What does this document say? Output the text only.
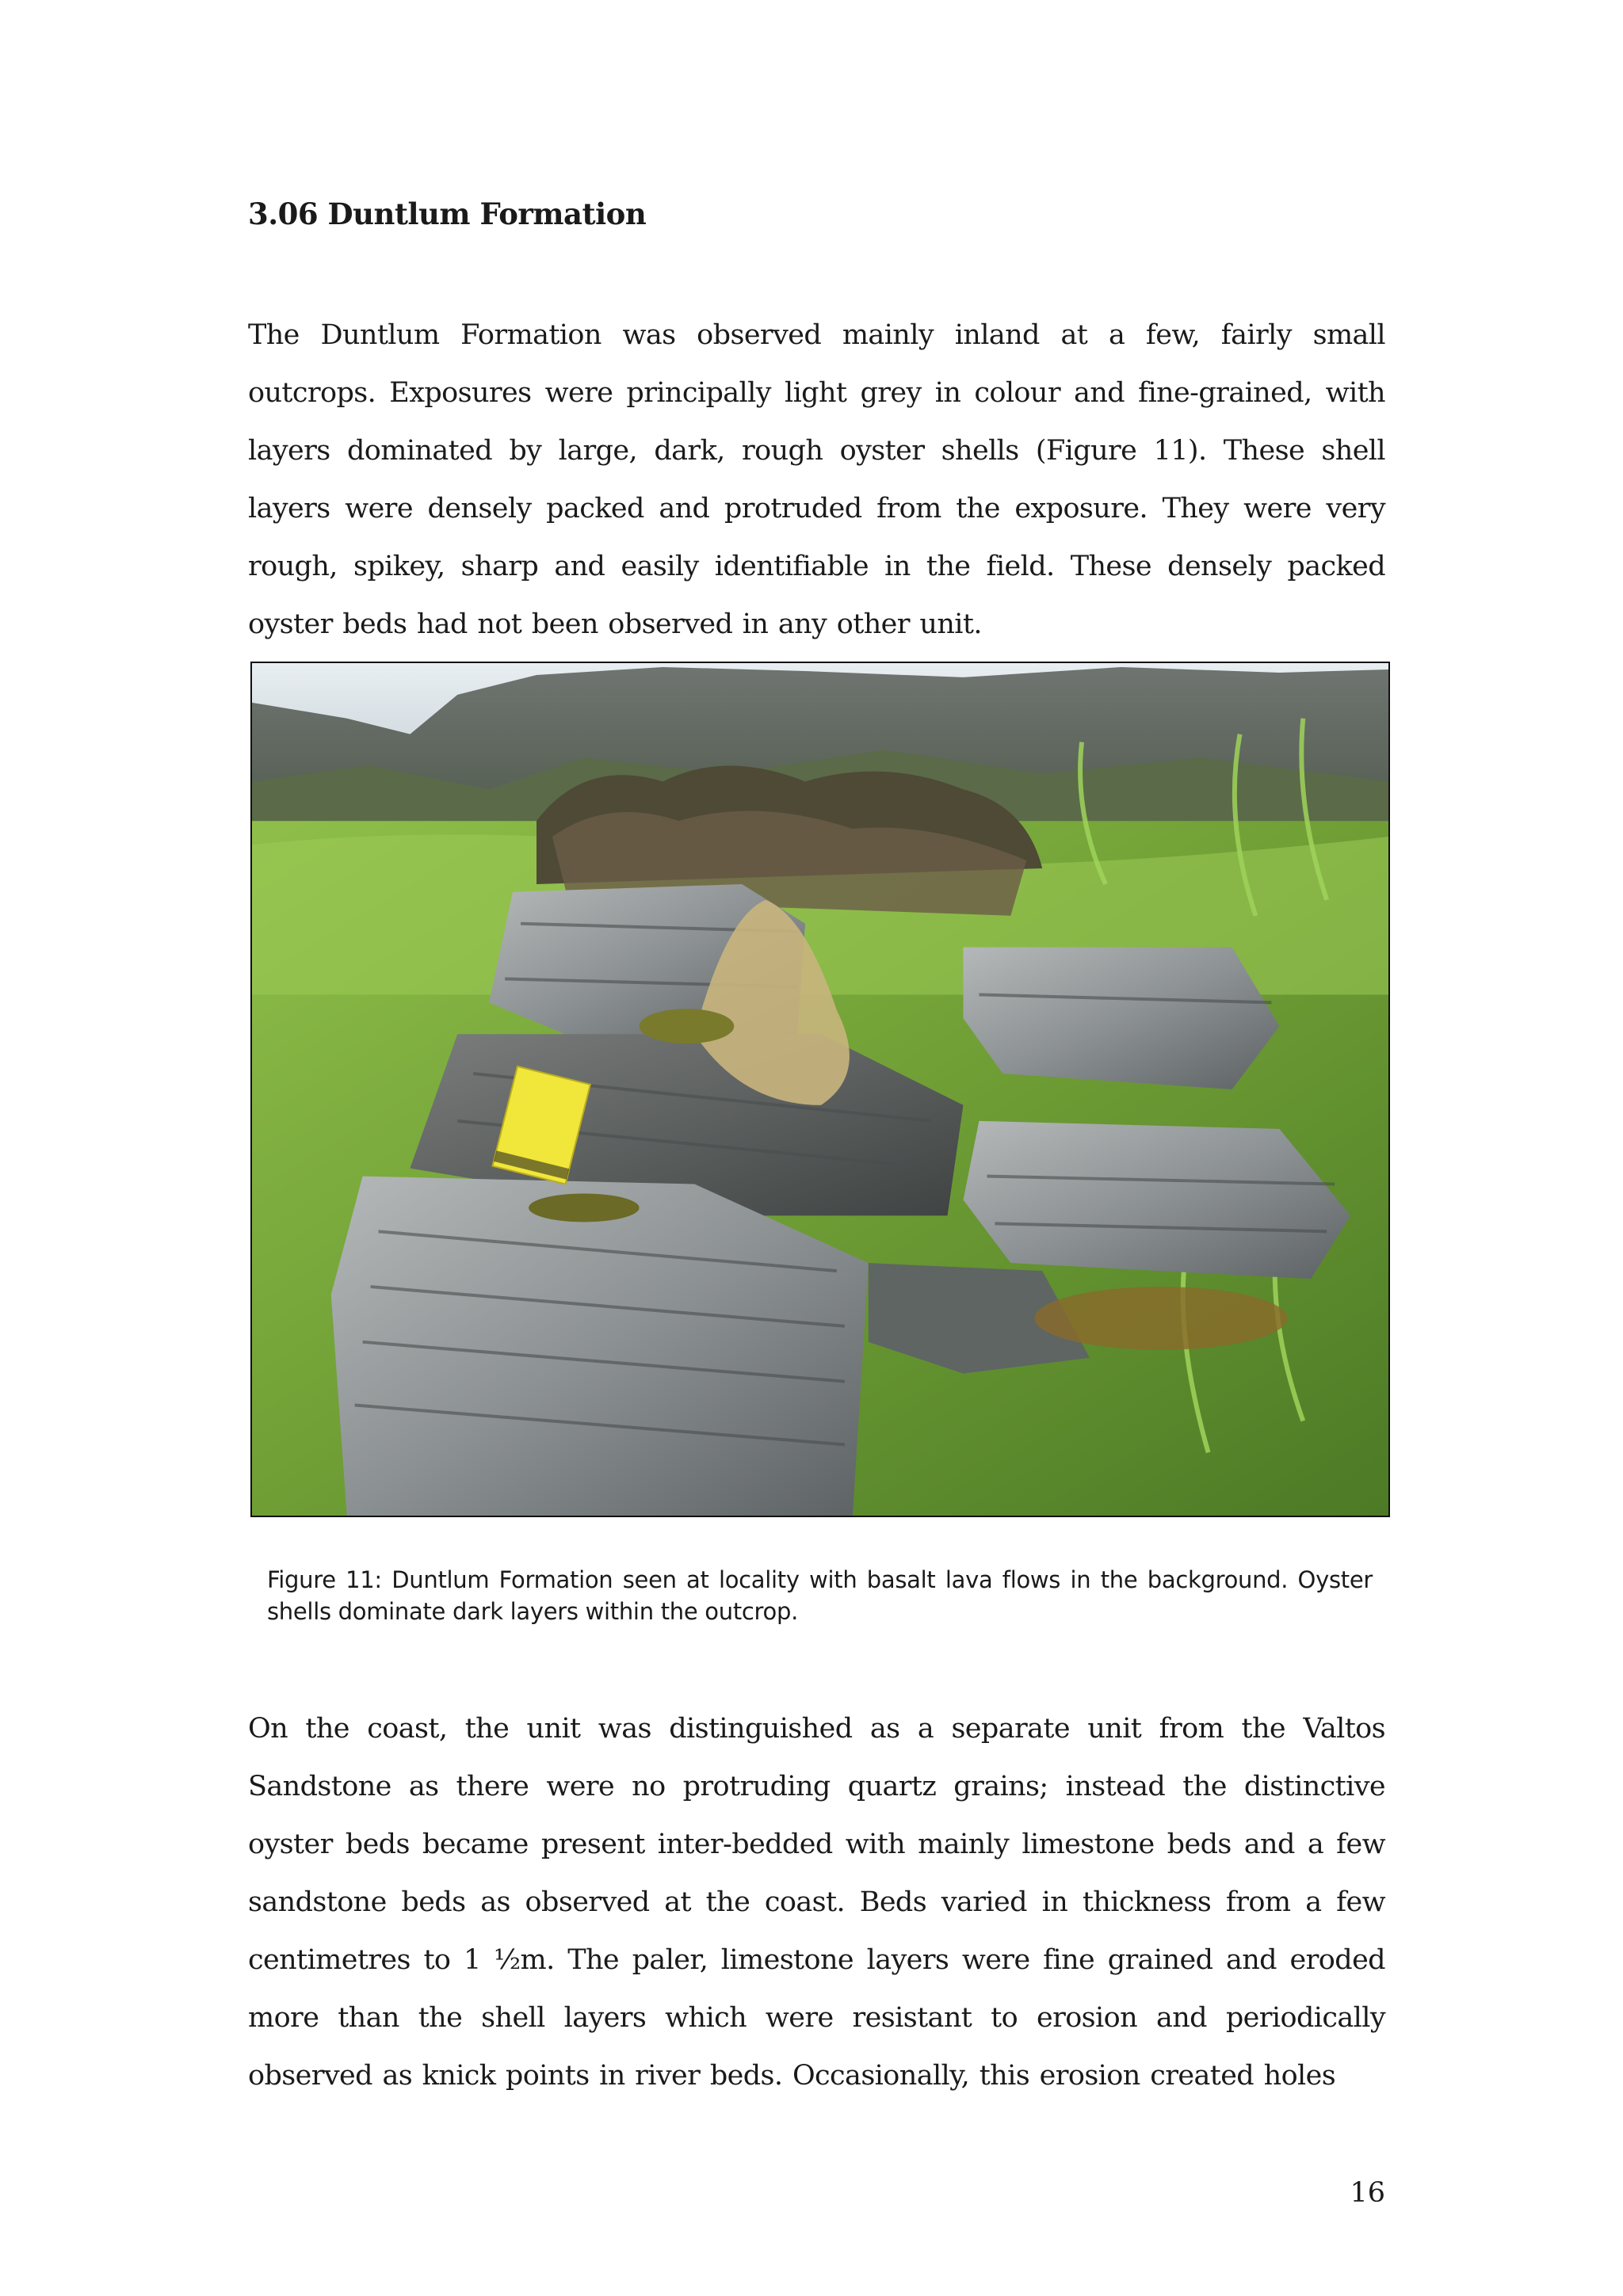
3.06 Duntlum Formation

The Duntlum Formation was observed mainly inland at a few, fairly small outcrops. Exposures were principally light grey in colour and fine-grained, with layers dominated by large, dark, rough oyster shells (Figure 11). These shell layers were densely packed and protruded from the exposure. They were very rough, spikey, sharp and easily identifiable in the field. These densely packed oyster beds had not been observed in any other unit.

Figure 11: Duntlum Formation seen at locality with basalt lava flows in the background. Oyster shells dominate dark layers within the outcrop.

On the coast, the unit was distinguished as a separate unit from the Valtos Sandstone as there were no protruding quartz grains; instead the distinctive oyster beds became present inter-bedded with mainly limestone beds and a few sandstone beds as observed at the coast. Beds varied in thickness from a few centimetres to 1 ½m. The paler, limestone layers were fine grained and eroded more than the shell layers which were resistant to erosion and periodically observed as knick points in river beds. Occasionally, this erosion created holes

16
